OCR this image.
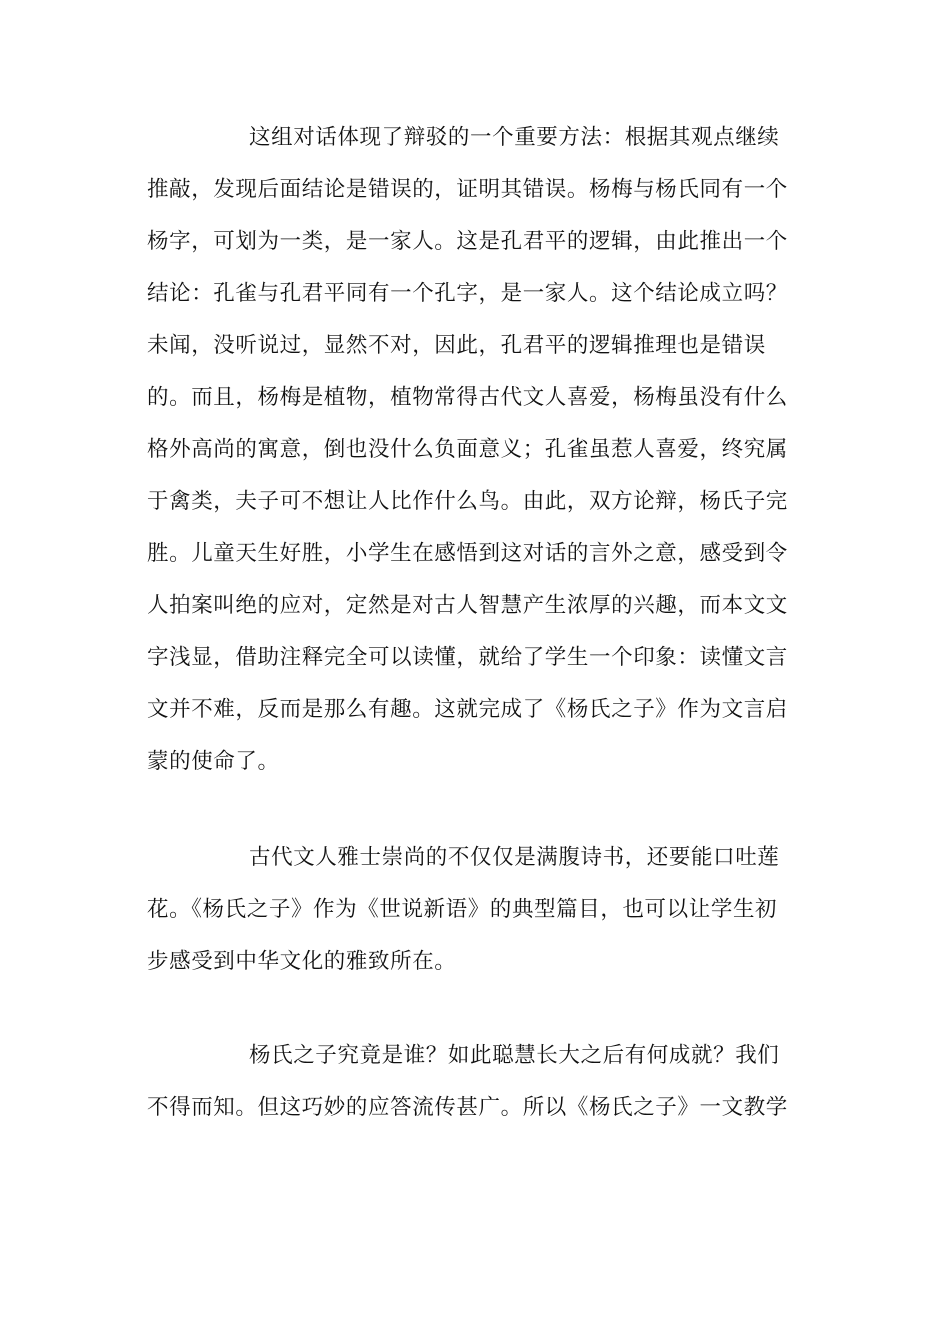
这组对话体现了辩驳的一个重要方法：根据其观点继续
推敲，发现后面结论是错误的，证明其错误。杨梅与杨氏同有一个
杨字，可划为一类，是一家人。这是孔君平的逻辑，由此推出一个
结论：孔雀与孔君平同有一个孔字，是一家人。这个结论成立吗？
未闻，没听说过，显然不对，因此，孔君平的逻辑推理也是错误
的。而且，杨梅是植物，植物常得古代文人喜爱，杨梅虽没有什么
格外高尚的寓意，倒也没什么负面意义；孔雀虽惹人喜爱，终究属
于禽类，夫子可不想让人比作什么鸟。由此，双方论辩，杨氏子完
胜。儿童天生好胜，小学生在感悟到这对话的言外之意，感受到令
人拍案叫绝的应对，定然是对古人智慧产生浓厚的兴趣，而本文文
字浅显，借助注释完全可以读懂，就给了学生一个印象：读懂文言
文并不难，反而是那么有趣。这就完成了《杨氏之子》作为文言启
蒙的使命了。
古代文人雅士崇尚的不仅仅是满腹诗书，还要能口吐莲
花。《杨氏之子》作为《世说新语》的典型篇目，也可以让学生初
步感受到中华文化的雅致所在。
杨氏之子究竟是谁？如此聪慧长大之后有何成就？我们
不得而知。但这巧妙的应答流传甚广。所以《杨氏之子》一文教学
